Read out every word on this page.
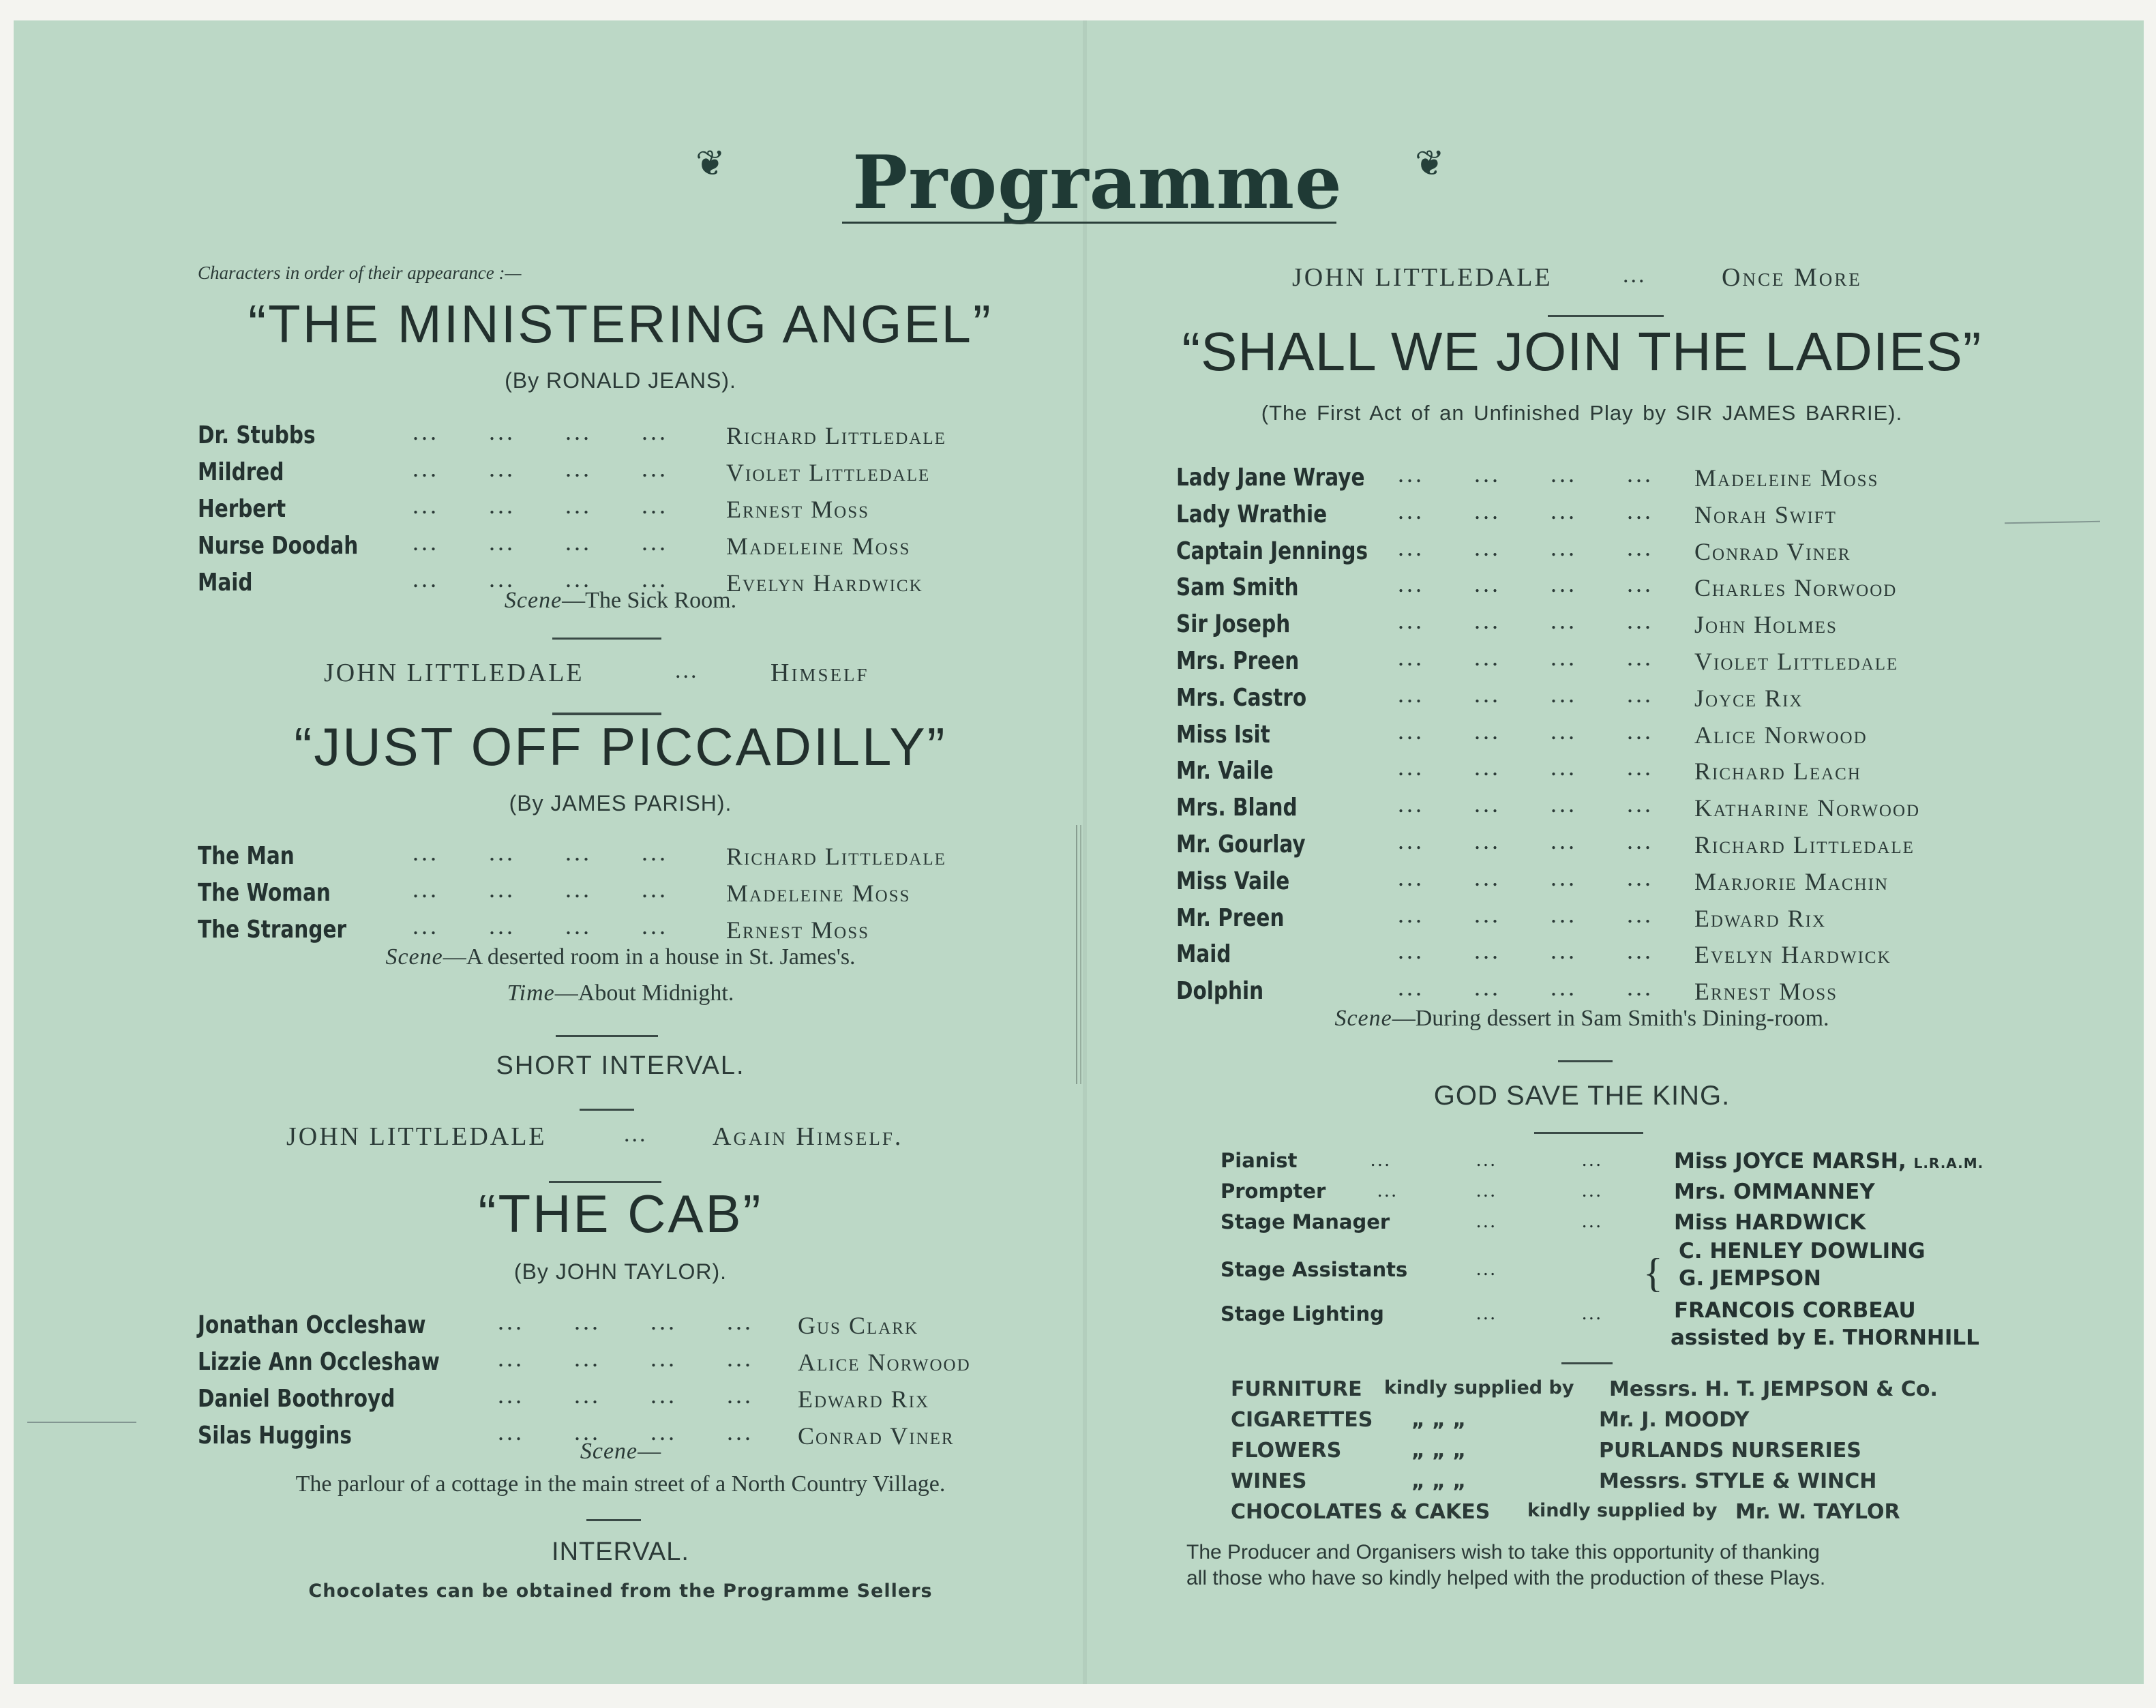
❦ Programme ❦
Characters in order of their appearance :—
“THE MINISTERING ANGEL”
(By RONALD JEANS).
Dr. Stubbs	... ... ... ... Richard Littledale
Mildred	... ... ... ... Violet Littledale
Herbert	... ... ... ... Ernest Moss
Nurse Doodah ... ... ... ... Madeleine Moss
Maid	... ... ... ... Evelyn Hardwick
Scene—The Sick Room.
JOHN LITTLEDALE	...	Himself
“JUST OFF PICCADILLY”
(By JAMES PARISH).
The Man	... ... ... ... Richard Littledale
The Woman	... ... ... ... Madeleine Moss
The Stranger	... ... ... ... Ernest Moss
Scene—A deserted room in a house in St. James's.
Time—About Midnight.
SHORT INTERVAL.
JOHN LITTLEDALE	...	Again Himself.
“THE CAB”
(By JOHN TAYLOR).
Jonathan Occleshaw	... ... ... ... Gus Clark
Lizzie Ann Occleshaw ... ... ... ... Alice Norwood
Daniel Boothroyd	... ... ... ... Edward Rix
Silas Huggins	... ... ... ... Conrad Viner
Scene—
The parlour of a cottage in the main street of a North Country Village.
INTERVAL.
Chocolates can be obtained from the Programme Sellers
JOHN LITTLEDALE	...	Once More
“SHALL WE JOIN THE LADIES”
(The First Act of an Unfinished Play by SIR JAMES BARRIE).
Lady Jane Wraye ... ... ... ... Madeleine Moss
Lady Wrathie	... ... ... ... Norah Swift
Captain Jennings ... ... ... ... Conrad Viner
Sam Smith	... ... ... ... Charles Norwood
Sir Joseph	... ... ... ... John Holmes
Mrs. Preen	... ... ... ... Violet Littledale
Mrs. Castro	... ... ... ... Joyce Rix
Miss Isit	... ... ... ... Alice Norwood
Mr. Vaile	... ... ... ... Richard Leach
Mrs. Bland	... ... ... ... Katharine Norwood
Mr. Gourlay	... ... ... ... Richard Littledale
Miss Vaile	... ... ... ... Marjorie Machin
Mr. Preen	... ... ... ... Edward Rix
Maid	... ... ... ... Evelyn Hardwick
Dolphin	... ... ... ... Ernest Moss
Scene—During dessert in Sam Smith's Dining-room.
GOD SAVE THE KING.
Pianist	...	...	...	Miss JOYCE MARSH, L.R.A.M.
Prompter	...	...	...	Mrs. OMMANNEY
Stage Manager	...	...	Miss HARDWICK
Stage Assistants	...	{ C. HENLEY DOWLING
G. JEMPSON
Stage Lighting	...	...	FRANCOIS CORBEAU
assisted by E. THORNHILL
FURNITURE kindly supplied by Messrs. H. T. JEMPSON & Co.
CIGARETTES „ „ „	Mr. J. MOODY
FLOWERS	„ „ „	PURLANDS NURSERIES
WINES	„ „ „	Messrs. STYLE & WINCH
CHOCOLATES & CAKES kindly supplied by Mr. W. TAYLOR
The Producer and Organisers wish to take this opportunity of thanking
all those who have so kindly helped with the production of these Plays.
